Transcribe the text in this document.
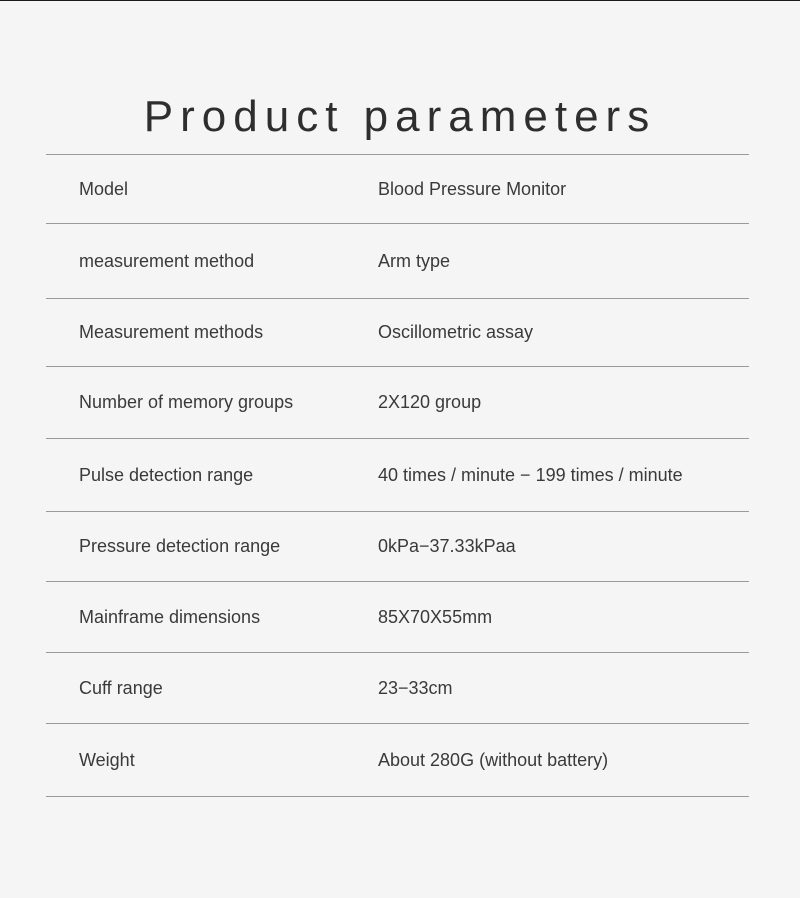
Product parameters
Model	Blood Pressure Monitor
measurement method	Arm type
Measurement methods	Oscillometric assay
Number of memory groups	2X120 group
Pulse detection range	40 times / minute − 199 times / minute
Pressure detection range	0kPa−37.33kPaa
Mainframe dimensions	85X70X55mm
Cuff range	23−33cm
Weight	About 280G (without battery)
